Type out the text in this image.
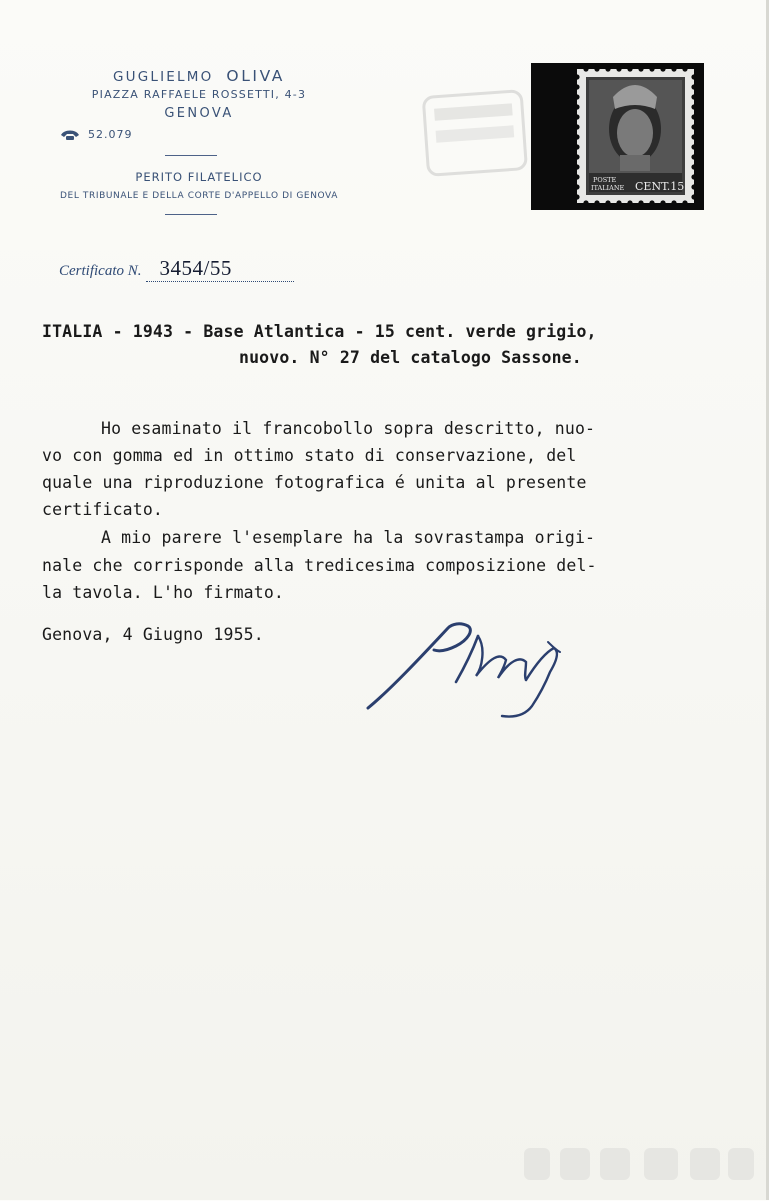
GUGLIELMO OLIVA
PIAZZA RAFFAELE ROSSETTI, 4-3
GENOVA
52.079
PERITO FILATELICO
DEL TRIBUNALE E DELLA CORTE D'APPELLO DI GENOVA
POSTE
ITALIANE CENT.15
Certificato N. 3454/55
ITALIA - 1943 - Base Atlantica - 15 cent. verde grigio,
nuovo. N° 27 del catalogo Sassone.
Ho esaminato il francobollo sopra descritto, nuo-
vo con gomma ed in ottimo stato di conservazione, del
quale una riproduzione fotografica é unita al presente
certificato.
A mio parere l'esemplare ha la sovrastampa origi-
nale che corrisponde alla tredicesima composizione del-
la tavola. L'ho firmato.
Genova, 4 Giugno 1955.
